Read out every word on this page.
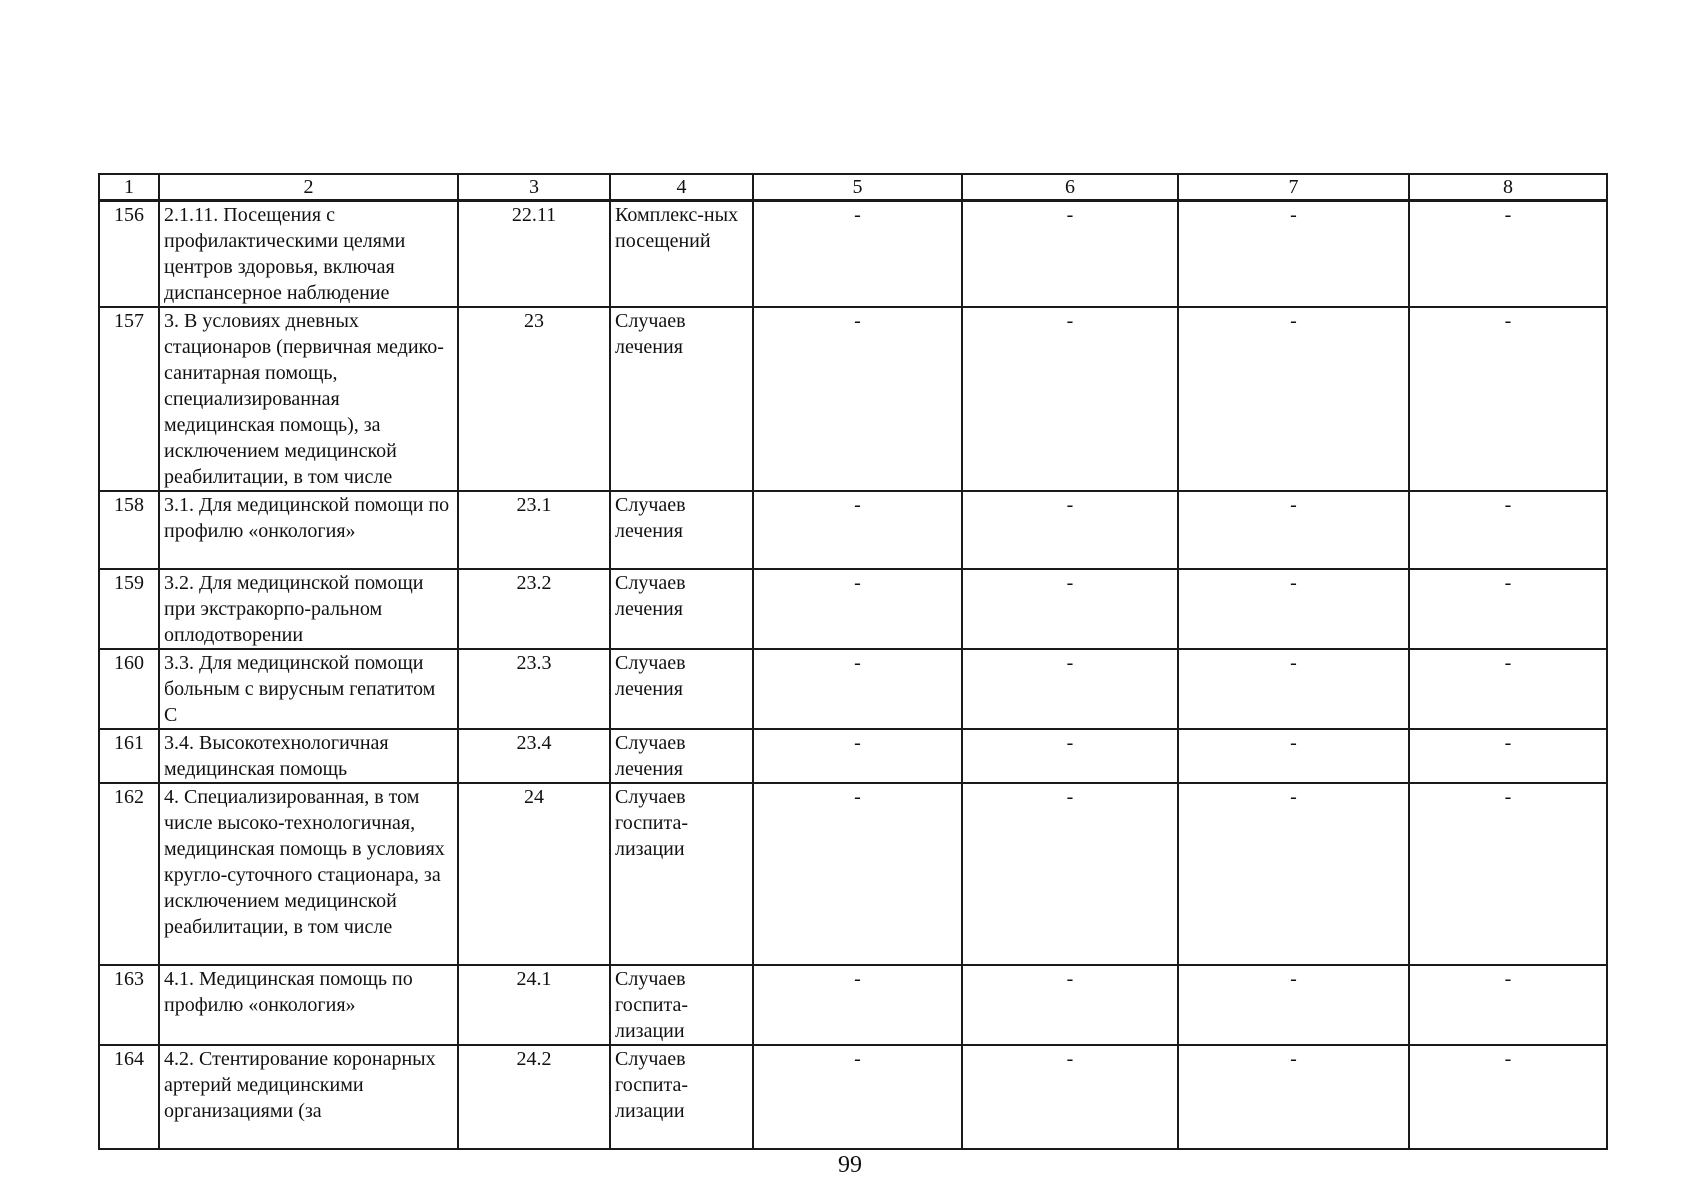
1	2	3	4	5	6	7	8
156	2.1.11. Посещения с профилактическими целями центров здоровья, включая диспансерное наблюдение	22.11	Комплекс-ных посещений	-	-	-	-
157	3. В условиях дневных стационаров (первичная медико-санитарная помощь, специализированная медицинская помощь), за исключением медицинской реабилитации, в том числе	23	Случаев лечения	-	-	-	-
158	3.1. Для медицинской помощи по профилю «онкология»	23.1	Случаев лечения	-	-	-	-
159	3.2. Для медицинской помощи при экстракорпо-ральном оплодотворении	23.2	Случаев лечения	-	-	-	-
160	3.3. Для медицинской помощи больным с вирусным гепатитом С	23.3	Случаев лечения	-	-	-	-
161	3.4. Высокотехнологичная медицинская помощь	23.4	Случаев лечения	-	-	-	-
162	4. Специализированная, в том числе высоко-технологичная, медицинская помощь в условиях кругло-суточного стационара, за исключением медицинской реабилитации, в том числе	24	Случаев госпита-лизации	-	-	-	-
163	4.1. Медицинская помощь по профилю «онкология»	24.1	Случаев госпита-лизации	-	-	-	-
164	4.2. Стентирование коронарных артерий медицинскими организациями (за	24.2	Случаев госпита-лизации	-	-	-	-
99
